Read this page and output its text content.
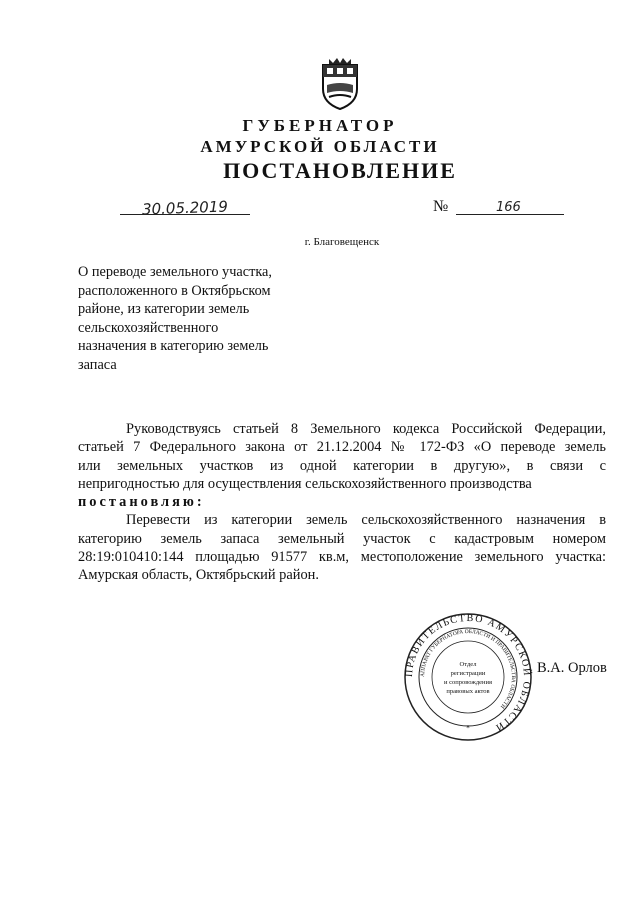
ГУБЕРНАТОР
АМУРСКОЙ ОБЛАСТИ
ПОСТАНОВЛЕНИЕ
30.05.2019	№	166
г. Благовещенск
О переводе земельного участка,
расположенного в Октябрьском
районе, из категории земель
сельскохозяйственного
назначения в категорию земель
запаса
Руководствуясь статьей 8 Земельного кодекса Российской Федерации,
статьей 7 Федерального закона от 21.12.2004 № 172-ФЗ «О переводе земель
или земельных участков из одной категории в другую», в связи с
непригодностью для осуществления сельскохозяйственного производства
постановляю:
Перевести из категории земель сельскохозяйственного назначения в
категорию земель запаса земельный участок с кадастровым номером
28:19:010410:144 площадью 91577 кв.м, местоположение земельного участка:
Амурская область, Октябрьский район.
ПРАВИТЕЛЬСТВО АМУРСКОЙ ОБЛАСТИ
АППАРАТ ГУБЕРНАТОРА ОБЛАСТИ И ПРАВИТЕЛЬСТВА ОБЛАСТИ
Отдел
регистрации
и сопровождения
правовых актов
*
В.А. Орлов
